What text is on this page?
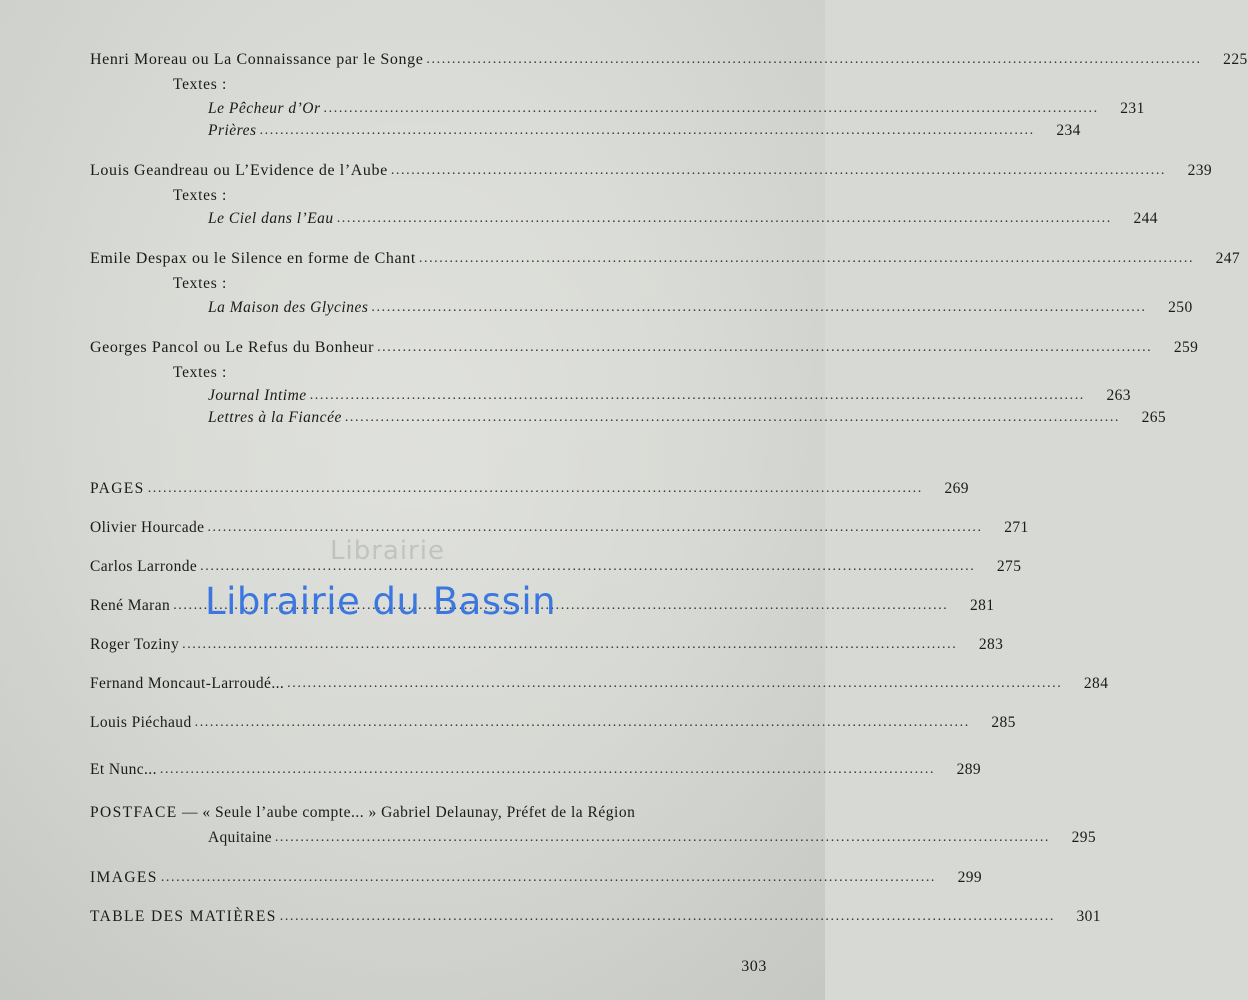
Henri Moreau ou La Connaissance par le Songe .....	225
Textes :
Le Pêcheur d’Or .....	231
Prières .....	234
Louis Geandreau ou L’Evidence de l’Aube .....	239
Textes :
Le Ciel dans l’Eau .....	244
Emile Despax ou le Silence en forme de Chant .....	247
Textes :
La Maison des Glycines .....	250
Georges Pancol ou Le Refus du Bonheur .....	259
Textes :
Journal Intime .....	263
Lettres à la Fiancée .....	265
PAGES .....	269
Olivier Hourcade .....	271
Carlos Larronde .....	275
René Maran .....	281
Roger Toziny .....	283
Fernand Moncaut-Larroudé... .....	284
Louis Piéchaud .....	285
Et Nunc... .....	289
POSTFACE — « Seule l’aube compte... » Gabriel Delaunay, Préfet de la Région
Aquitaine .....	295
IMAGES .....	299
TABLE DES MATIÈRES .....	301
Librairie
Librairie du Bassin
303
